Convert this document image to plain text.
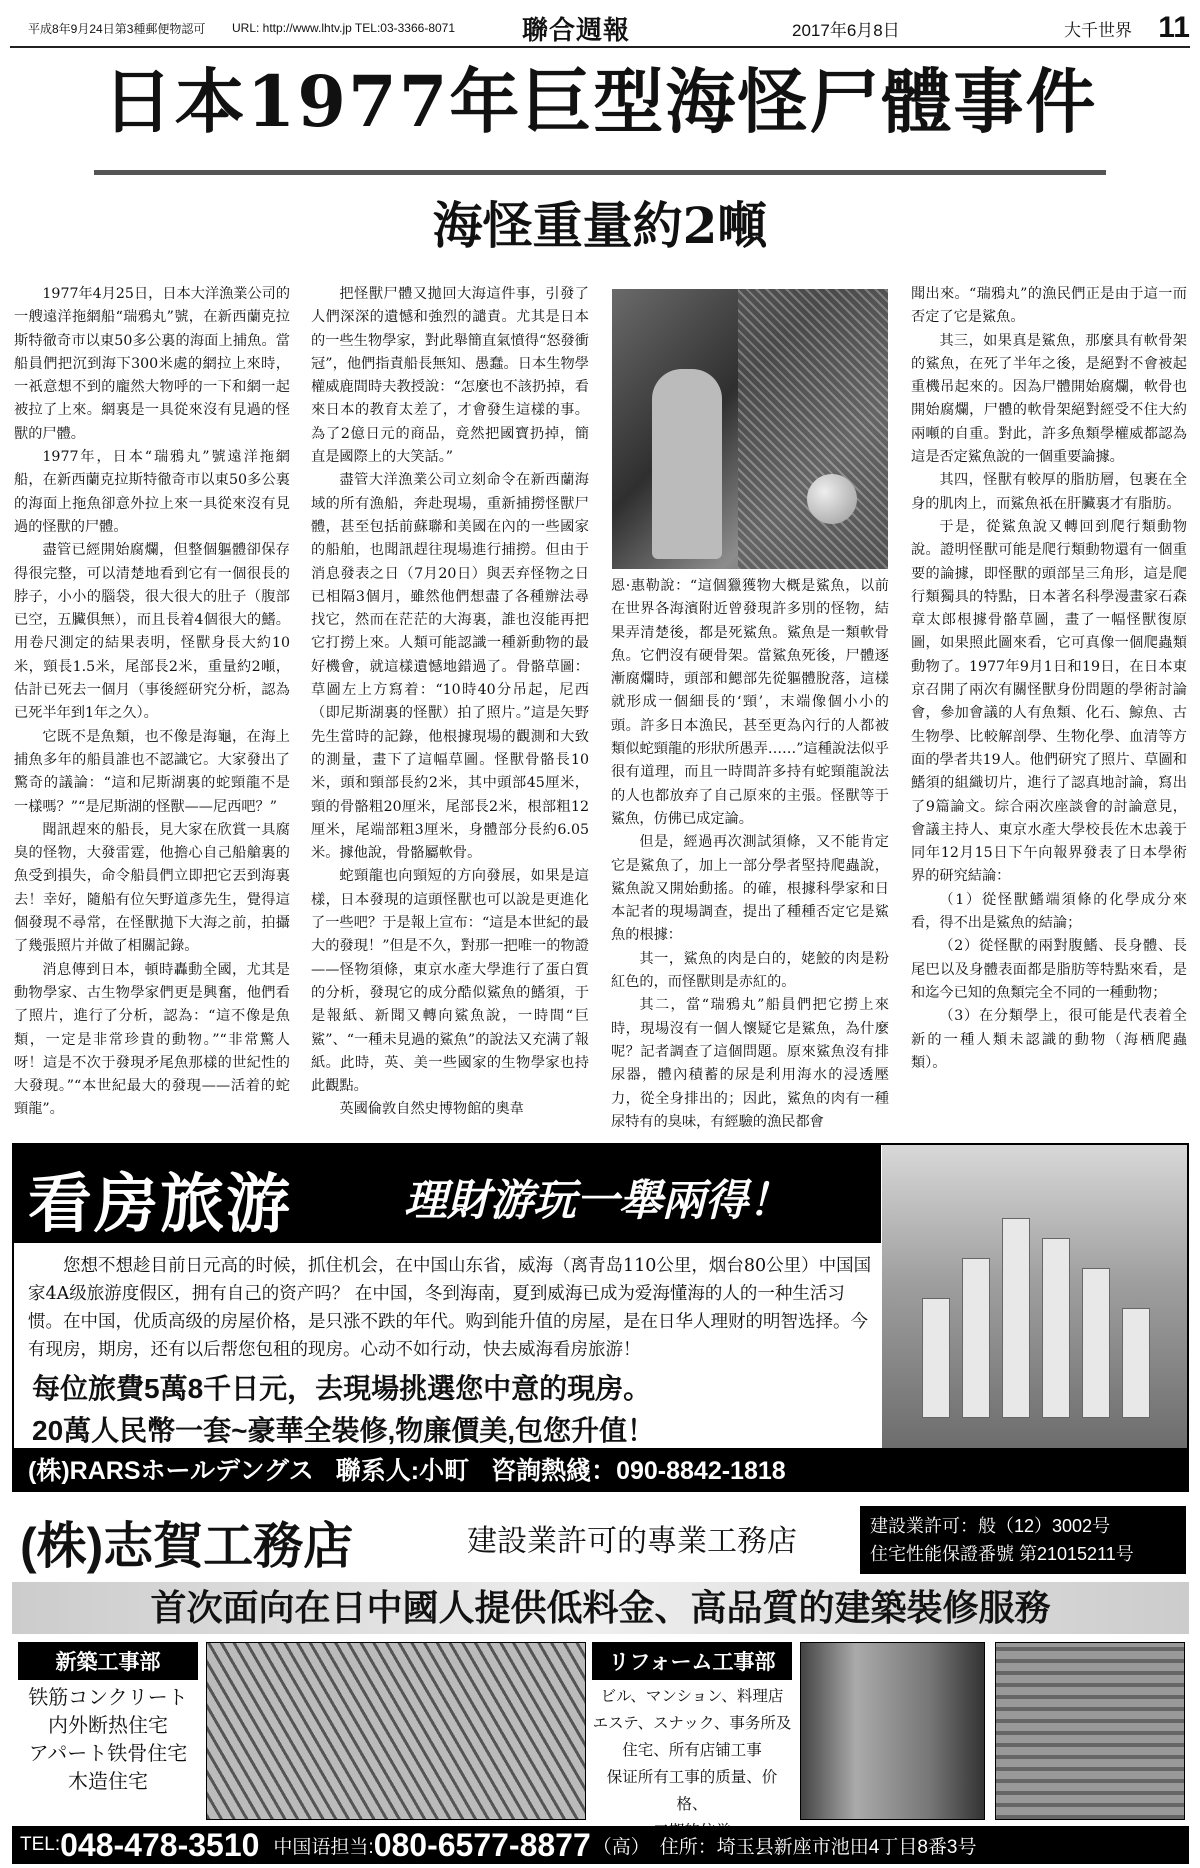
平成8年9月24日第3種郵便物認可	URL: http://www.lhtv.jp TEL:03-3366-8071	聯合週報	2017年6月8日	大千世界 11
日本1977年巨型海怪尸體事件
海怪重量約2噸

1977年4月25日，日本大洋漁業公司的一艘遠洋拖網船“瑞鴉丸”號，在新西蘭克拉斯特徹奇市以東50多公裏的海面上捕魚。當船員們把沉到海下300米處的網拉上來時，一祇意想不到的龐然大物呼的一下和網一起被拉了上來。網裏是一具從來沒有見過的怪獸的尸體。

1977年，日本“瑞鴉丸”號遠洋拖網船，在新西蘭克拉斯特徹奇市以東50多公裏的海面上拖魚卻意外拉上來一具從來沒有見過的怪獸的尸體。

盡管已經開始腐爛，但整個軀體卻保存得很完整，可以清楚地看到它有一個很長的脖子，小小的腦袋，很大很大的肚子（腹部已空，五臟俱無），而且長着4個很大的鰭。用卷尺測定的結果表明，怪獸身長大約10米，頸長1.5米，尾部長2米，重量約2噸，估計已死去一個月（事後經研究分析，認為已死半年到1年之久）。

它既不是魚類，也不像是海龜，在海上捕魚多年的船員誰也不認識它。大家發出了驚奇的議論：“這和尼斯湖裏的蛇頸龍不是一樣嗎？”“是尼斯湖的怪獸——尼西吧？”

聞訊趕來的船長，見大家在欣賞一具腐臭的怪物，大發雷霆，他擔心自己船艙裏的魚受到損失，命令船員們立即把它丟到海裏去！幸好，隨船有位矢野道彥先生，覺得這個發現不尋常，在怪獸拋下大海之前，拍攝了幾張照片并做了相關記錄。

消息傳到日本，頓時轟動全國，尤其是動物學家、古生物學家們更是興奮，他們看了照片，進行了分析，認為：“這不像是魚類，一定是非常珍貴的動物。”“非常驚人呀！這是不次于發現矛尾魚那樣的世紀性的大發現。”“本世紀最大的發現——活着的蛇頸龍”。

把怪獸尸體又拋回大海這件事，引發了人們深深的遺憾和強烈的譴責。尤其是日本的一些生物學家，對此舉簡直氣憤得“怒發衝冠”，他們指責船長無知、愚蠢。日本生物學權威鹿間時夫教授說：“怎麼也不該扔掉，看來日本的教育太差了，才會發生這樣的事。為了2億日元的商品，竟然把國寶扔掉，簡直是國際上的大笑話。”

盡管大洋漁業公司立刻命令在新西蘭海域的所有漁船，奔赴現場，重新捕撈怪獸尸體，甚至包括前蘇聯和美國在內的一些國家的船舶，也聞訊趕往現場進行捕撈。但由于消息發表之日（7月20日）與丟弃怪物之日已相隔3個月，雖然他們想盡了各種辦法尋找它，然而在茫茫的大海裏，誰也沒能再把它打撈上來。人類可能認識一種新動物的最好機會，就這樣遺憾地錯過了。骨骼草圖：草圖左上方寫着：“10時40分吊起，尼西（即尼斯湖裏的怪獸）拍了照片。”這是矢野先生當時的記錄，他根據現場的觀測和大致的測量，畫下了這幅草圖。怪獸骨骼長10米，頭和頸部長約2米，其中頭部45厘米，頸的骨骼粗20厘米，尾部長2米，根部粗12厘米，尾端部粗3厘米，身體部分長約6.05米。據他說，骨骼屬軟骨。

蛇頸龍也向頸短的方向發展，如果是這樣，日本發現的這頭怪獸也可以說是更進化了一些吧？于是報上宣布：“這是本世紀的最大的發現！”但是不久，對那一把唯一的物證——怪物須條，東京水產大學進行了蛋白質的分析，發現它的成分酷似鯊魚的鰭須，于是報紙、新聞又轉向鯊魚說，一時間“巨鯊”、“一種未見過的鯊魚”的說法又充满了報紙。此時，英、美一些國家的生物學家也持此觀點。

英國倫敦自然史博物館的奧韋

恩·惠勒說：“這個獵獲物大概是鯊魚，以前在世界各海濱附近曾發現許多別的怪物，結果弄清楚後，都是死鯊魚。鯊魚是一類軟骨魚。它們沒有硬骨架。當鯊魚死後，尸體逐漸腐爛時，頭部和鰓部先從軀體脫落，這樣就形成一個細長的‘頸’，末端像個小小的頭。許多日本漁民，甚至更為內行的人都被類似蛇頸龍的形狀所愚弄……”這種說法似乎很有道理，而且一時間許多持有蛇頸龍說法的人也都放弃了自己原來的主張。怪獸等于鯊魚，仿佛已成定論。

但是，經過再次測試須條，又不能肯定它是鯊魚了，加上一部分學者堅持爬蟲說，鯊魚說又開始動搖。的確，根據科學家和日本記者的現場調查，提出了種種否定它是鯊魚的根據：

其一，鯊魚的肉是白的，姥鮫的肉是粉紅色的，而怪獸則是赤紅的。

其二，當“瑞鴉丸”船員們把它撈上來時，現場沒有一個人懷疑它是鯊魚，為什麼呢？記者調查了這個問題。原來鯊魚沒有排尿器，體內積蓄的尿是利用海水的浸透壓力，從全身排出的；因此，鯊魚的肉有一種尿特有的臭味，有經驗的漁民都會

聞出來。“瑞鴉丸”的漁民們正是由于這一而否定了它是鯊魚。

其三，如果真是鯊魚，那麼具有軟骨架的鯊魚，在死了半年之後，是絕對不會被起重機吊起來的。因為尸體開始腐爛，軟骨也開始腐爛，尸體的軟骨架絕對經受不住大約兩噸的自重。對此，許多魚類學權威都認為這是否定鯊魚說的一個重要論據。

其四，怪獸有較厚的脂肪層，包裹在全身的肌肉上，而鯊魚祇在肝臟裏才有脂肪。

于是，從鯊魚說又轉回到爬行類動物說。證明怪獸可能是爬行類動物還有一個重要的論據，即怪獸的頭部呈三角形，這是爬行類獨具的特點，日本著名科學漫畫家石森章太郎根據骨骼草圖，畫了一幅怪獸復原圖，如果照此圖來看，它可真像一個爬蟲類動物了。1977年9月1日和19日，在日本東京召開了兩次有關怪獸身份問題的學術討論會，參加會議的人有魚類、化石、鯨魚、古生物學、比較解剖學、生物化學、血清等方面的學者共19人。他們研究了照片、草圖和鰭須的組織切片，進行了認真地討論，寫出了9篇論文。綜合兩次座談會的討論意見，會議主持人、東京水產大學校長佐木忠義于同年12月15日下午向報界發表了日本學術界的研究結論：

（1）從怪獸鰭端須條的化學成分來看，得不出是鯊魚的結論；

（2）從怪獸的兩對腹鰭、長身體、長尾巴以及身體表面都是脂肪等特點來看，是和迄今已知的魚類完全不同的一種動物；

（3）在分類學上，很可能是代表着全新的一種人類未認識的動物（海栖爬蟲類）。

看房旅游	理財游玩一舉兩得！

您想不想趁目前日元高的时候，抓住机会，在中国山东省，威海（离青岛110公里，烟台80公里）中国国家4A级旅游度假区，拥有自己的资产吗？ 在中国，冬到海南，夏到威海已成为爱海懂海的人的一种生活习惯。在中国，优质高级的房屋价格，是只涨不跌的年代。购到能升值的房屋，是在日华人理财的明智选择。今有现房，期房，还有以后帮您包租的现房。心动不如行动，快去威海看房旅游！

每位旅費5萬8千日元，去現場挑選您中意的現房。
20萬人民幣一套~豪華全裝修,物廉價美,包您升值！
(株)RARSホールデングス 聯系人:小町 咨詢熱綫：090-8842-1818
(株)志賀工務店	建設業許可的專業工務店	建設業許可：般（12）3002号
住宅性能保證番號 第21015211号
首次面向在日中國人提供低料金、高品質的建築裝修服務
新築工事部
铁筋コンクリート
内外断热住宅
アパート铁骨住宅
木造住宅
リフォーム工事部
ビル、マンション、料理店
エステ、スナック、事务所及
住宅、所有店铺工事
保证所有工事的质量、价格、
TEL: 048-478-3510 中国语担当: 080-6577-8877 （高） 住所：埼玉县新座市池田4丁目8番3号
